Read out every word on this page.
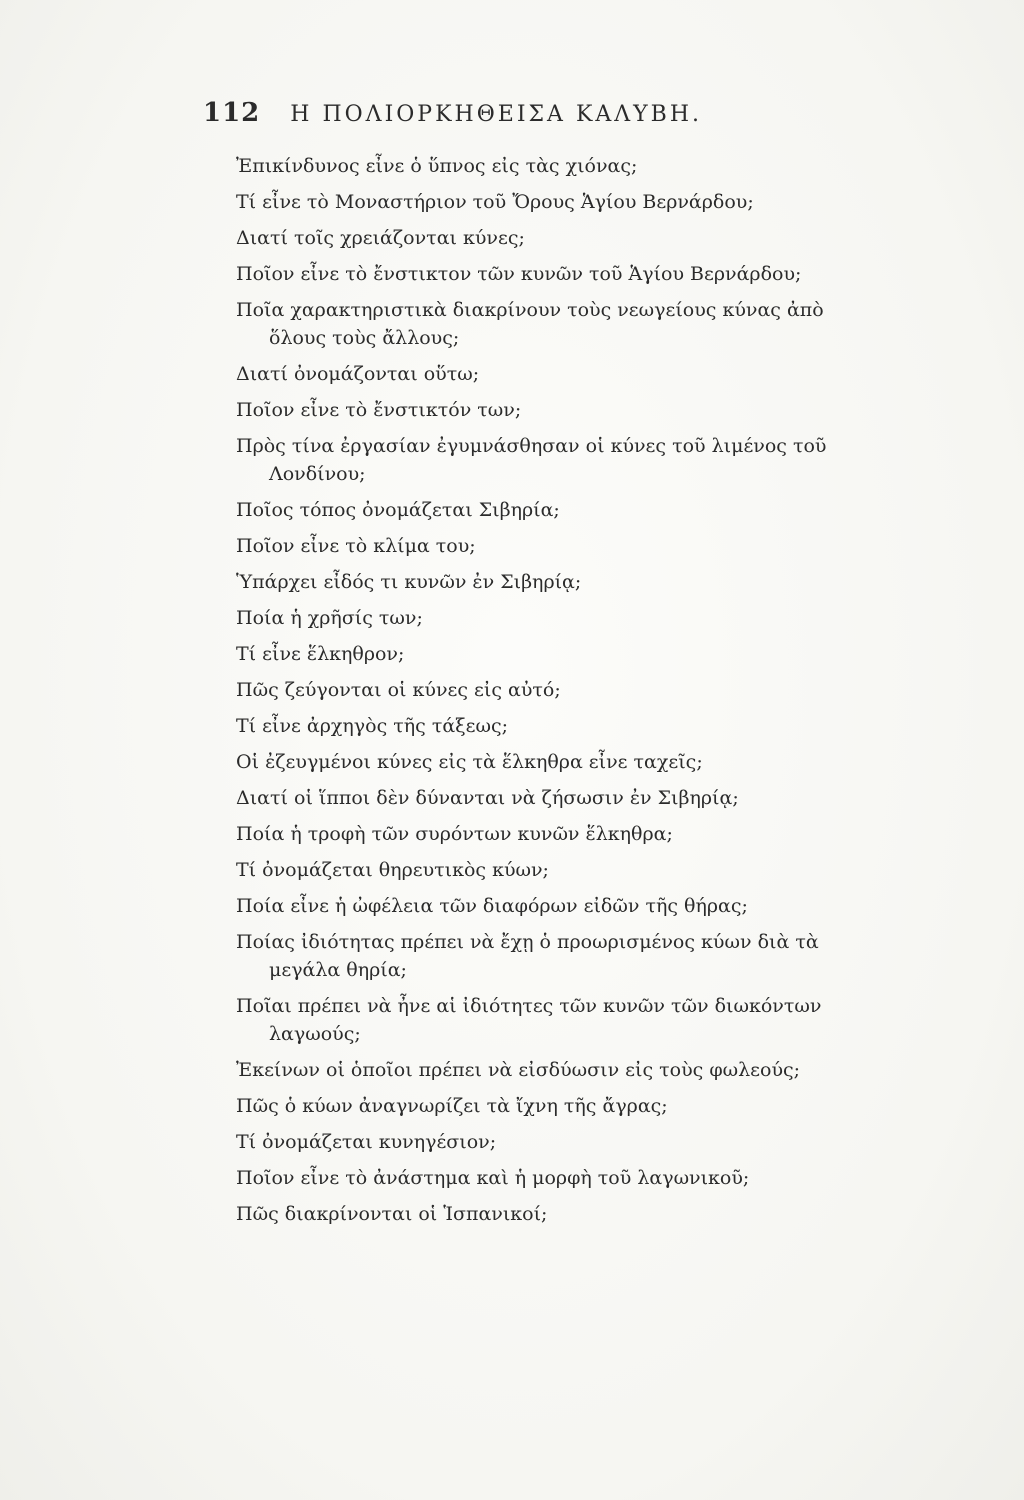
112 Η ΠΟΛΙΟΡΚΗΘΕΙΣΑ ΚΑΛΥΒΗ.
Ἐπικίνδυνος εἶνε ὁ ὕπνος εἰς τὰς χιόνας;
Τί εἶνε τὸ Μοναστήριον τοῦ Ὄρους Ἁγίου Βερνάρδου;
Διατί τοῖς χρειάζονται κύνες;
Ποῖον εἶνε τὸ ἔνστικτον τῶν κυνῶν τοῦ Ἁγίου Βερνάρδου;
Ποῖα χαρακτηριστικὰ διακρίνουν τοὺς νεωγείους κύνας ἀπὸ
ὅλους τοὺς ἄλλους;
Διατί ὀνομάζονται οὕτω;
Ποῖον εἶνε τὸ ἔνστικτόν των;
Πρὸς τίνα ἐργασίαν ἐγυμνάσθησαν οἱ κύνες τοῦ λιμένος τοῦ
Λονδίνου;
Ποῖος τόπος ὀνομάζεται Σιβηρία;
Ποῖον εἶνε τὸ κλίμα του;
Ὑπάρχει εἶδός τι κυνῶν ἐν Σιβηρίᾳ;
Ποία ἡ χρῆσίς των;
Τί εἶνε ἕλκηθρον;
Πῶς ζεύγονται οἱ κύνες εἰς αὐτό;
Τί εἶνε ἀρχηγὸς τῆς τάξεως;
Οἱ ἐζευγμένοι κύνες εἰς τὰ ἕλκηθρα εἶνε ταχεῖς;
Διατί οἱ ἵπποι δὲν δύνανται νὰ ζήσωσιν ἐν Σιβηρίᾳ;
Ποία ἡ τροφὴ τῶν συρόντων κυνῶν ἕλκηθρα;
Τί ὀνομάζεται θηρευτικὸς κύων;
Ποία εἶνε ἡ ὠφέλεια τῶν διαφόρων εἰδῶν τῆς θήρας;
Ποίας ἰδιότητας πρέπει νὰ ἔχῃ ὁ προωρισμένος κύων διὰ τὰ
μεγάλα θηρία;
Ποῖαι πρέπει νὰ ἦνε αἱ ἰδιότητες τῶν κυνῶν τῶν διωκόντων
λαγωούς;
Ἐκείνων οἱ ὁποῖοι πρέπει νὰ εἰσδύωσιν εἰς τοὺς φωλεούς;
Πῶς ὁ κύων ἀναγνωρίζει τὰ ἴχνη τῆς ἄγρας;
Τί ὀνομάζεται κυνηγέσιον;
Ποῖον εἶνε τὸ ἀνάστημα καὶ ἡ μορφὴ τοῦ λαγωνικοῦ;
Πῶς διακρίνονται οἱ Ἱσπανικοί;
